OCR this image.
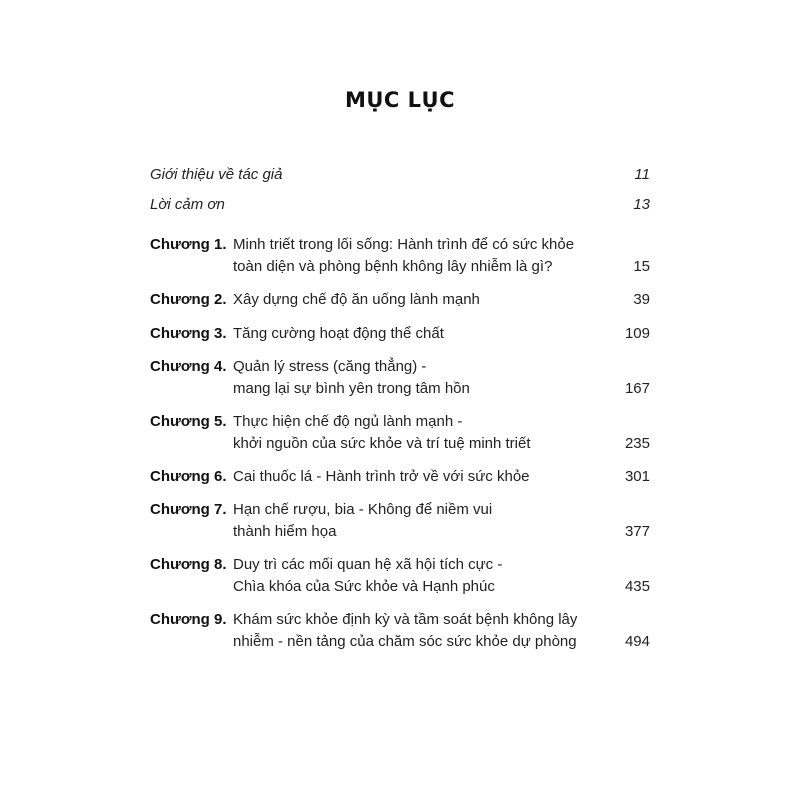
MỤC LỤC
Giới thiệu về tác giả	11
Lời cảm ơn	13
Chương 1. Minh triết trong lối sống: Hành trình để có sức khỏe
toàn diện và phòng bệnh không lây nhiễm là gì?	15
Chương 2. Xây dựng chế độ ăn uống lành mạnh	39
Chương 3. Tăng cường hoạt động thể chất	109
Chương 4. Quản lý stress (căng thẳng) -
mang lại sự bình yên trong tâm hồn	167
Chương 5. Thực hiện chế độ ngủ lành mạnh -
khởi nguồn của sức khỏe và trí tuệ minh triết	235
Chương 6. Cai thuốc lá - Hành trình trở về với sức khỏe	301
Chương 7. Hạn chế rượu, bia - Không để niềm vui
thành hiểm họa	377
Chương 8. Duy trì các mối quan hệ xã hội tích cực -
Chìa khóa của Sức khỏe và Hạnh phúc	435
Chương 9. Khám sức khỏe định kỳ và tầm soát bệnh không lây
nhiễm - nền tảng của chăm sóc sức khỏe dự phòng	494
